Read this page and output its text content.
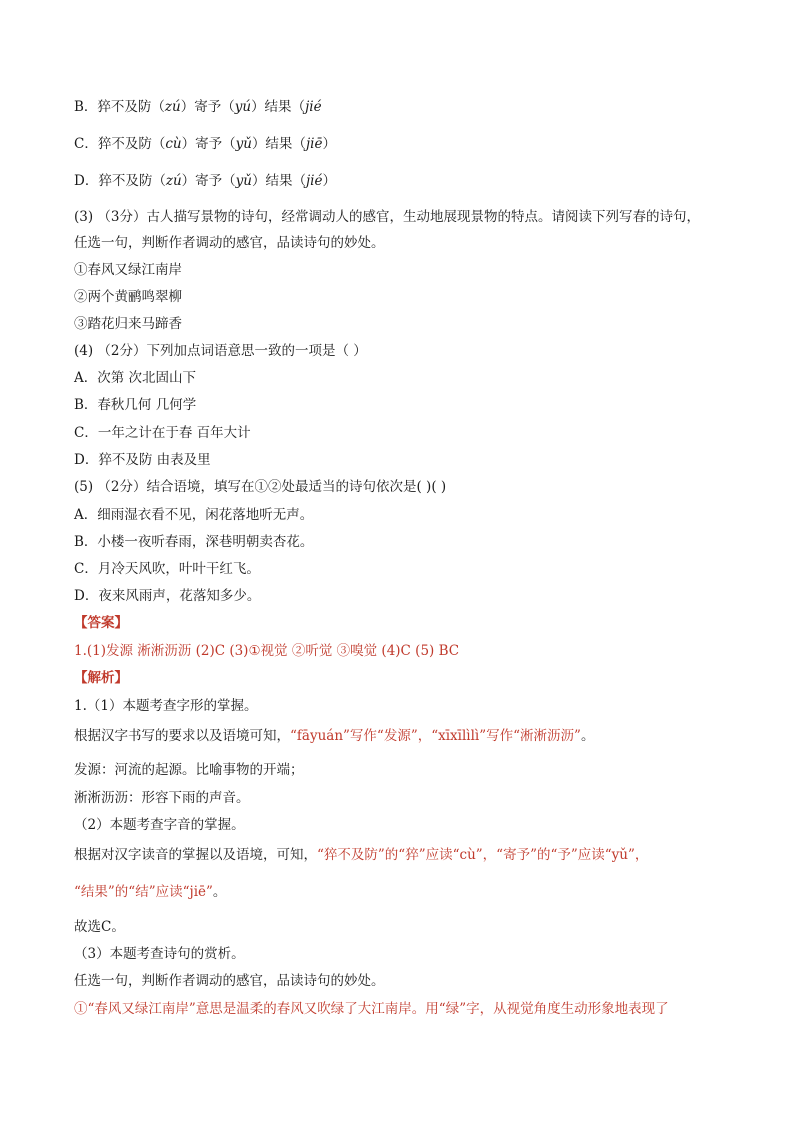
B．猝不及防（zú）寄予（yú）结果（jié
C．猝不及防（cù）寄予（yǔ）结果（jiē）
D．猝不及防（zú）寄予（yǔ）结果（jié）
(3) （3分）古人描写景物的诗句，经常调动人的感官，生动地展现景物的特点。请阅读下列写春的诗句，
任选一句，判断作者调动的感官，品读诗句的妙处。
①春风又绿江南岸
②两个黄鹂鸣翠柳
③踏花归来马蹄香
(4) （2分）下列加点词语意思一致的一项是（ ）
A．次第 次北固山下
B．春秋几何 几何学
C．一年之计在于春 百年大计
D．猝不及防 由表及里
(5) （2分）结合语境，填写在①②处最适当的诗句依次是( )( )
A．细雨湿衣看不见，闲花落地听无声。
B．小楼一夜听春雨，深巷明朝卖杏花。
C．月冷天风吹，叶叶干红飞。
D．夜来风雨声，花落知多少。
【答案】
1.(1)发源 淅淅沥沥 (2)C (3)①视觉 ②听觉 ③嗅觉 (4)C (5) BC
【解析】
1.（1）本题考查字形的掌握。
根据汉字书写的要求以及语境可知，“fāyuán”写作“发源”，“xīxīlìlì”写作“淅淅沥沥”。
发源：河流的起源。比喻事物的开端；
淅淅沥沥：形容下雨的声音。
（2）本题考查字音的掌握。
根据对汉字读音的掌握以及语境，可知，“猝不及防”的“猝”应读“cù”，“寄予”的“予”应读“yǔ”，
“结果”的“结”应读“jiē”。
故选C。
（3）本题考查诗句的赏析。
任选一句，判断作者调动的感官，品读诗句的妙处。
①“春风又绿江南岸”意思是温柔的春风又吹绿了大江南岸。用“绿”字，从视觉角度生动形象地表现了
